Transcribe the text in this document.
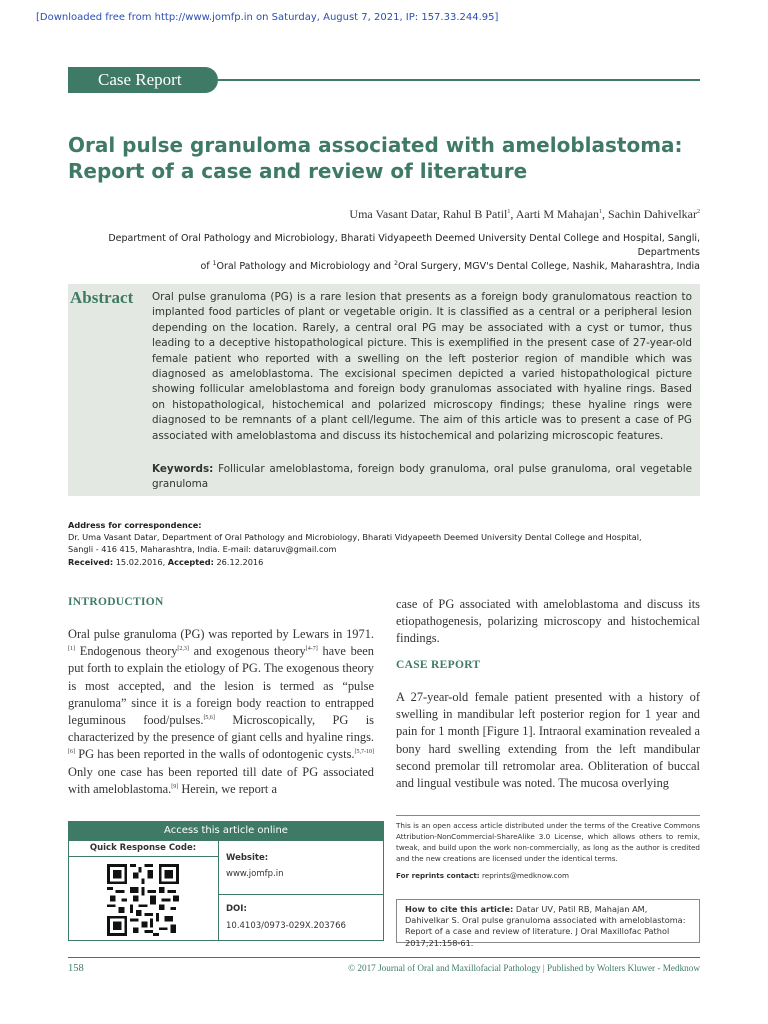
[Downloaded free from http://www.jomfp.in on Saturday, August 7, 2021, IP: 157.33.244.95]
Case Report
Oral pulse granuloma associated with ameloblastoma:
Report of a case and review of literature
Uma Vasant Datar, Rahul B Patil$^1$, Aarti M Mahajan$^1$, Sachin Dahivelkar$^2$
Department of Oral Pathology and Microbiology, Bharati Vidyapeeth Deemed University Dental College and Hospital, Sangli, Departments
of $^1$Oral Pathology and Microbiology and $^2$Oral Surgery, MGV's Dental College, Nashik, Maharashtra, India
Abstract Oral pulse granuloma (PG) is a rare lesion that presents as a foreign body granulomatous reaction to implanted food particles of plant or vegetable origin. It is classified as a central or a peripheral lesion depending on the location. Rarely, a central oral PG may be associated with a cyst or tumor, thus leading to a deceptive histopathological picture. This is exemplified in the present case of 27-year-old female patient who reported with a swelling on the left posterior region of mandible which was diagnosed as ameloblastoma. The excisional specimen depicted a varied histopathological picture showing follicular ameloblastoma and foreign body granulomas associated with hyaline rings. Based on histopathological, histochemical and polarized microscopy findings; these hyaline rings were diagnosed to be remnants of a plant cell/legume. The aim of this article was to present a case of PG associated with ameloblastoma and discuss its histochemical and polarizing microscopic features.
Keywords: Follicular ameloblastoma, foreign body granuloma, oral pulse granuloma, oral vegetable granuloma
Address for correspondence:
Dr. Uma Vasant Datar, Department of Oral Pathology and Microbiology, Bharati Vidyapeeth Deemed University Dental College and Hospital,
Sangli - 416 415, Maharashtra, India. E-mail: dataruv@gmail.com
Received: 15.02.2016, Accepted: 26.12.2016
INTRODUCTION
Oral pulse granuloma (PG) was reported by Lewars in 1971.[1] Endogenous theory[2,3] and exogenous theory[4-7] have been put forth to explain the etiology of PG. The exogenous theory is most accepted, and the lesion is termed as “pulse granuloma” since it is a foreign body reaction to entrapped leguminous food/pulses.[5,6] Microscopically, PG is characterized by the presence of giant cells and hyaline rings.[6] PG has been reported in the walls of odontogenic cysts.[5,7-10] Only one case has been reported till date of PG associated with ameloblastoma.[9] Herein, we report a
case of PG associated with ameloblastoma and discuss its etiopathogenesis, polarizing microscopy and histochemical findings.
CASE REPORT
A 27-year-old female patient presented with a history of swelling in mandibular left posterior region for 1 year and pain for 1 month [Figure 1]. Intraoral examination revealed a bony hard swelling extending from the left mandibular second premolar till retromolar area. Obliteration of buccal and lingual vestibule was noted. The mucosa overlying
Access this article online
Quick Response Code:
Website:
www.jomfp.in
DOI:
10.4103/0973-029X.203766
This is an open access article distributed under the terms of the Creative Commons Attribution-NonCommercial-ShareAlike 3.0 License, which allows others to remix, tweak, and build upon the work non-commercially, as long as the author is credited and the new creations are licensed under the identical terms.
For reprints contact: reprints@medknow.com
How to cite this article: Datar UV, Patil RB, Mahajan AM, Dahivelkar S. Oral pulse granuloma associated with ameloblastoma: Report of a case and review of literature. J Oral Maxillofac Pathol 2017;21:158-61.
158	© 2017 Journal of Oral and Maxillofacial Pathology | Published by Wolters Kluwer - Medknow
